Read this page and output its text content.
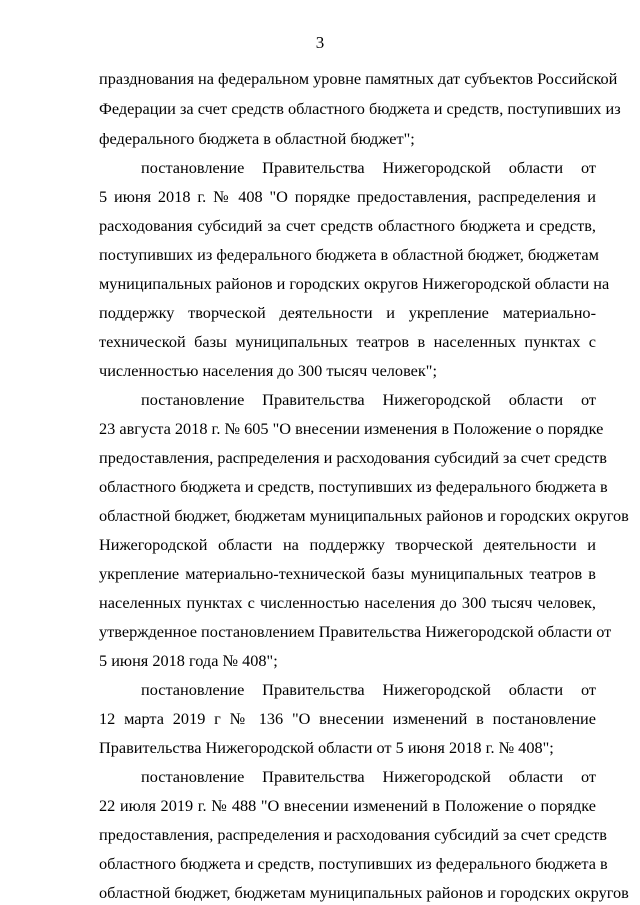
3
празднования на федеральном уровне памятных дат субъектов Российской
Федерации за счет средств областного бюджета и средств, поступивших из
федерального бюджета в областной бюджет";
постановление Правительства Нижегородской области от
5 июня 2018 г. № 408 "О порядке предоставления, распределения и
расходования субсидий за счет средств областного бюджета и средств,
поступивших из федерального бюджета в областной бюджет, бюджетам
муниципальных районов и городских округов Нижегородской области на
поддержку творческой деятельности и укрепление материально-
технической базы муниципальных театров в населенных пунктах с
численностью населения до 300 тысяч человек";
постановление Правительства Нижегородской области от
23 августа 2018 г. № 605 "О внесении изменения в Положение о порядке
предоставления, распределения и расходования субсидий за счет средств
областного бюджета и средств, поступивших из федерального бюджета в
областной бюджет, бюджетам муниципальных районов и городских округов
Нижегородской области на поддержку творческой деятельности и
укрепление материально-технической базы муниципальных театров в
населенных пунктах с численностью населения до 300 тысяч человек,
утвержденное постановлением Правительства Нижегородской области от
5 июня 2018 года № 408";
постановление Правительства Нижегородской области от
12 марта 2019 г № 136 "О внесении изменений в постановление
Правительства Нижегородской области от 5 июня 2018 г. № 408";
постановление Правительства Нижегородской области от
22 июля 2019 г. № 488 "О внесении изменений в Положение о порядке
предоставления, распределения и расходования субсидий за счет средств
областного бюджета и средств, поступивших из федерального бюджета в
областной бюджет, бюджетам муниципальных районов и городских округов
